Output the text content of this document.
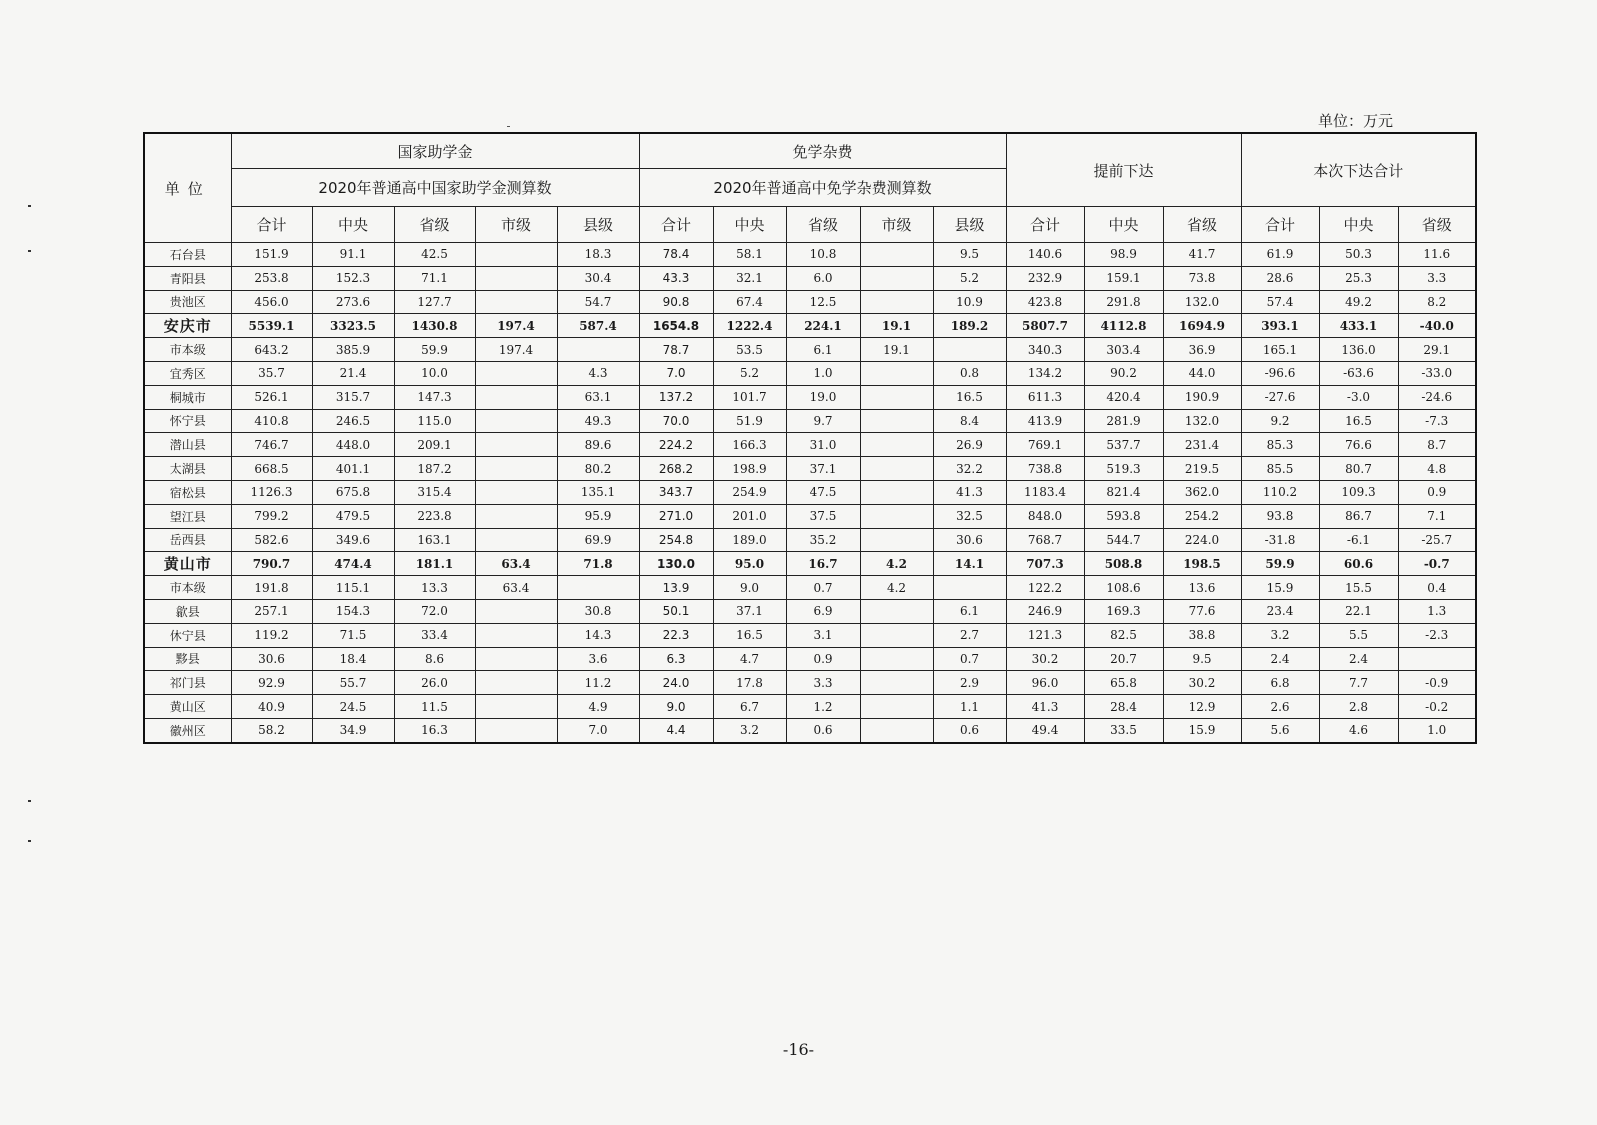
单位：万元
单位	国家助学金					免学杂费					提前下达			本次下达合计		
	2020年普通高中国家助学金测算数					2020年普通高中免学杂费测算数										
	合计	中央	省级	市级	县级	合计	中央	省级	市级	县级	合计	中央	省级	合计	中央	省级
石台县	151.9	91.1	42.5		18.3	78.4	58.1	10.8		9.5	140.6	98.9	41.7	61.9	50.3	11.6
青阳县	253.8	152.3	71.1		30.4	43.3	32.1	6.0		5.2	232.9	159.1	73.8	28.6	25.3	3.3
贵池区	456.0	273.6	127.7		54.7	90.8	67.4	12.5		10.9	423.8	291.8	132.0	57.4	49.2	8.2
安庆市	5539.1	3323.5	1430.8	197.4	587.4	1654.8	1222.4	224.1	19.1	189.2	5807.7	4112.8	1694.9	393.1	433.1	-40.0
市本级	643.2	385.9	59.9	197.4		78.7	53.5	6.1	19.1		340.3	303.4	36.9	165.1	136.0	29.1
宜秀区	35.7	21.4	10.0		4.3	7.0	5.2	1.0		0.8	134.2	90.2	44.0	-96.6	-63.6	-33.0
桐城市	526.1	315.7	147.3		63.1	137.2	101.7	19.0		16.5	611.3	420.4	190.9	-27.6	-3.0	-24.6
怀宁县	410.8	246.5	115.0		49.3	70.0	51.9	9.7		8.4	413.9	281.9	132.0	9.2	16.5	-7.3
潜山县	746.7	448.0	209.1		89.6	224.2	166.3	31.0		26.9	769.1	537.7	231.4	85.3	76.6	8.7
太湖县	668.5	401.1	187.2		80.2	268.2	198.9	37.1		32.2	738.8	519.3	219.5	85.5	80.7	4.8
宿松县	1126.3	675.8	315.4		135.1	343.7	254.9	47.5		41.3	1183.4	821.4	362.0	110.2	109.3	0.9
望江县	799.2	479.5	223.8		95.9	271.0	201.0	37.5		32.5	848.0	593.8	254.2	93.8	86.7	7.1
岳西县	582.6	349.6	163.1		69.9	254.8	189.0	35.2		30.6	768.7	544.7	224.0	-31.8	-6.1	-25.7
黄山市	790.7	474.4	181.1	63.4	71.8	130.0	95.0	16.7	4.2	14.1	707.3	508.8	198.5	59.9	60.6	-0.7
市本级	191.8	115.1	13.3	63.4		13.9	9.0	0.7	4.2		122.2	108.6	13.6	15.9	15.5	0.4
歙县	257.1	154.3	72.0		30.8	50.1	37.1	6.9		6.1	246.9	169.3	77.6	23.4	22.1	1.3
休宁县	119.2	71.5	33.4		14.3	22.3	16.5	3.1		2.7	121.3	82.5	38.8	3.2	5.5	-2.3
黟县	30.6	18.4	8.6		3.6	6.3	4.7	0.9		0.7	30.2	20.7	9.5	2.4	2.4	
祁门县	92.9	55.7	26.0		11.2	24.0	17.8	3.3		2.9	96.0	65.8	30.2	6.8	7.7	-0.9
黄山区	40.9	24.5	11.5		4.9	9.0	6.7	1.2		1.1	41.3	28.4	12.9	2.6	2.8	-0.2
徽州区	58.2	34.9	16.3		7.0	4.4	3.2	0.6		0.6	49.4	33.5	15.9	5.6	4.6	1.0
-16-
